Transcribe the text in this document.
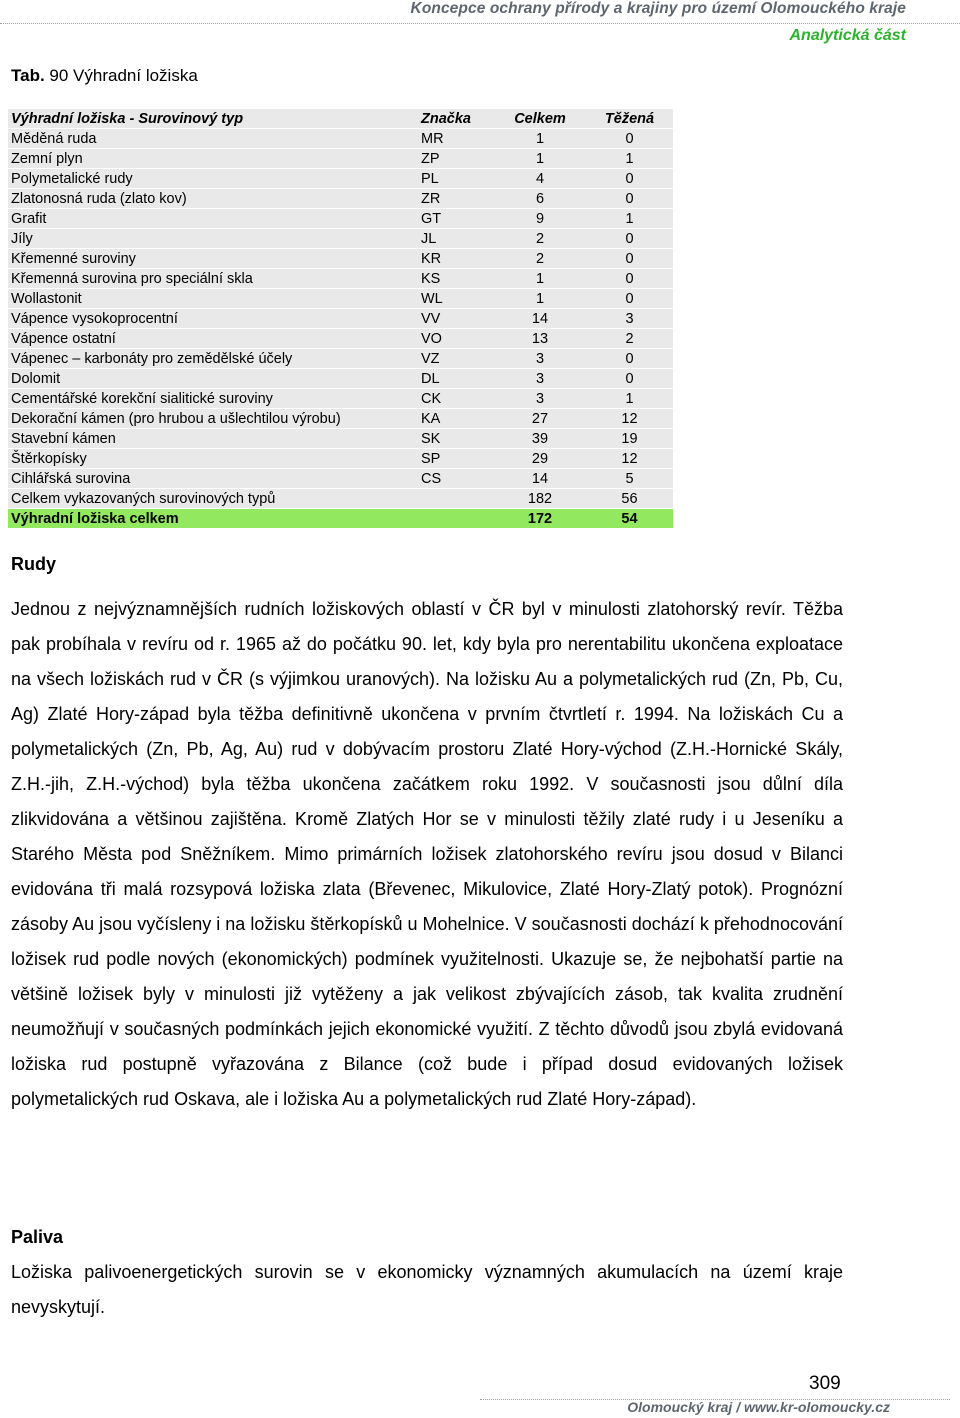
Koncepce ochrany přírody a krajiny pro území Olomouckého kraje
Analytická část
Tab. 90 Výhradní ložiska
Výhradní ložiska - Surovinový typ	Značka	Celkem	Těžená
Měděná ruda	MR	1	0
Zemní plyn	ZP	1	1
Polymetalické rudy	PL	4	0
Zlatonosná ruda (zlato kov)	ZR	6	0
Grafit	GT	9	1
Jíly	JL	2	0
Křemenné suroviny	KR	2	0
Křemenná surovina pro speciální skla	KS	1	0
Wollastonit	WL	1	0
Vápence vysokoprocentní	VV	14	3
Vápence ostatní	VO	13	2
Vápenec – karbonáty pro zemědělské účely	VZ	3	0
Dolomit	DL	3	0
Cementářské korekční sialitické suroviny	CK	3	1
Dekorační kámen (pro hrubou a ušlechtilou výrobu)	KA	27	12
Stavební kámen	SK	39	19
Štěrkopísky	SP	29	12
Cihlářská surovina	CS	14	5
Celkem vykazovaných surovinových typů		182	56
Výhradní ložiska celkem		172	54
Rudy

Jednou z nejvýznamnějších rudních ložiskových oblastí v ČR byl v minulosti zlatohorský revír. Těžba pak probíhala v revíru od r. 1965 až do počátku 90. let, kdy byla pro nerentabilitu ukončena exploatace na všech ložiskách rud v ČR (s výjimkou uranových). Na ložisku Au a polymetalických rud (Zn, Pb, Cu, Ag) Zlaté Hory-západ byla těžba definitivně ukončena v prvním čtvrtletí r. 1994. Na ložiskách Cu a polymetalických (Zn, Pb, Ag, Au) rud v dobývacím prostoru Zlaté Hory-východ (Z.H.-Hornické Skály, Z.H.-jih, Z.H.-východ) byla těžba ukončena začátkem roku 1992. V současnosti jsou důlní díla zlikvidována a většinou zajištěna. Kromě Zlatých Hor se v minulosti těžily zlaté rudy i u Jeseníku a Starého Města pod Sněžníkem. Mimo primárních ložisek zlatohorského revíru jsou dosud v Bilanci evidována tři malá rozsypová ložiska zlata (Břevenec, Mikulovice, Zlaté Hory-Zlatý potok). Prognózní zásoby Au jsou vyčísleny i na ložisku štěrkopísků u Mohelnice. V současnosti dochází k přehodnocování ložisek rud podle nových (ekonomických) podmínek využitelnosti. Ukazuje se, že nejbohatší partie na většině ložisek byly v minulosti již vytěženy a jak velikost zbývajících zásob, tak kvalita zrudnění neumožňují v současných podmínkách jejich ekonomické využití. Z těchto důvodů jsou zbylá evidovaná ložiska rud postupně vyřazována z Bilance (což bude i případ dosud evidovaných ložisek polymetalických rud Oskava, ale i ložiska Au a polymetalických rud Zlaté Hory-západ).

Paliva

Ložiska palivoenergetických surovin se v ekonomicky významných akumulacích na území kraje nevyskytují.

309
Olomoucký kraj / www.kr-olomoucky.cz
